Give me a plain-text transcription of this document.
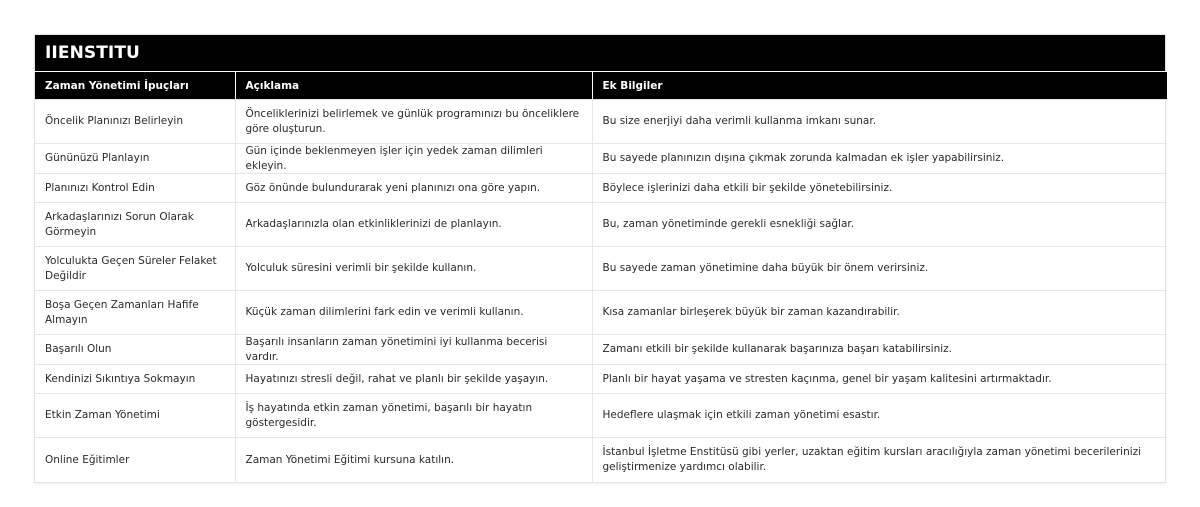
IIENSTITU
Zaman Yönetimi İpuçları	Açıklama	Ek Bilgiler
Öncelik Planınızı Belirleyin	Önceliklerinizi belirlemek ve günlük programınızı bu önceliklere göre oluşturun.	Bu size enerjiyi daha verimli kullanma imkanı sunar.
Gününüzü Planlayın	Gün içinde beklenmeyen işler için yedek zaman dilimleri ekleyin.	Bu sayede planınızın dışına çıkmak zorunda kalmadan ek işler yapabilirsiniz.
Planınızı Kontrol Edin	Göz önünde bulundurarak yeni planınızı ona göre yapın.	Böylece işlerinizi daha etkili bir şekilde yönetebilirsiniz.
Arkadaşlarınızı Sorun Olarak Görmeyin	Arkadaşlarınızla olan etkinliklerinizi de planlayın.	Bu, zaman yönetiminde gerekli esnekliği sağlar.
Yolculukta Geçen Süreler Felaket Değildir	Yolculuk süresini verimli bir şekilde kullanın.	Bu sayede zaman yönetimine daha büyük bir önem verirsiniz.
Boşa Geçen Zamanları Hafife Almayın	Küçük zaman dilimlerini fark edin ve verimli kullanın.	Kısa zamanlar birleşerek büyük bir zaman kazandırabilir.
Başarılı Olun	Başarılı insanların zaman yönetimini iyi kullanma becerisi vardır.	Zamanı etkili bir şekilde kullanarak başarınıza başarı katabilirsiniz.
Kendinizi Sıkıntıya Sokmayın	Hayatınızı stresli değil, rahat ve planlı bir şekilde yaşayın.	Planlı bir hayat yaşama ve stresten kaçınma, genel bir yaşam kalitesini artırmaktadır.
Etkin Zaman Yönetimi	İş hayatında etkin zaman yönetimi, başarılı bir hayatın göstergesidir.	Hedeflere ulaşmak için etkili zaman yönetimi esastır.
Online Eğitimler	Zaman Yönetimi Eğitimi kursuna katılın.	İstanbul İşletme Enstitüsü gibi yerler, uzaktan eğitim kursları aracılığıyla zaman yönetimi becerilerinizi geliştirmenize yardımcı olabilir.
